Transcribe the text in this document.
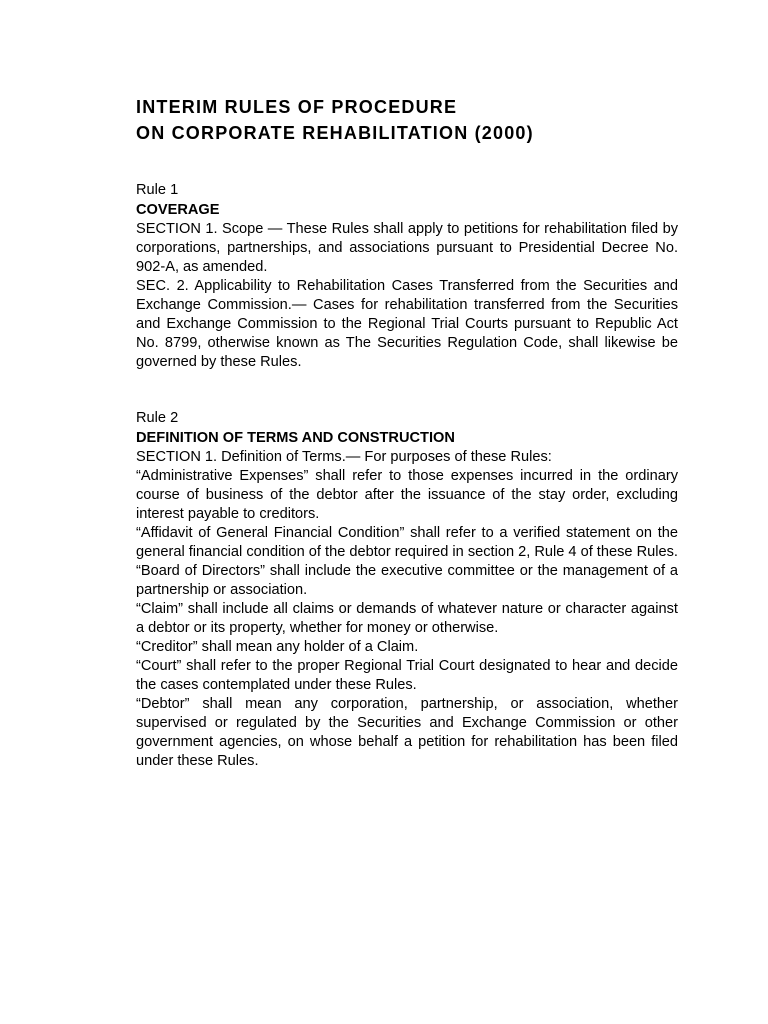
INTERIM RULES OF PROCEDURE
ON CORPORATE REHABILITATION (2000)
Rule 1
COVERAGE

SECTION 1. Scope — These Rules shall apply to petitions for rehabilitation filed by corporations, partnerships, and associations pursuant to Presidential Decree No. 902-A, as amended.

SEC. 2. Applicability to Rehabilitation Cases Transferred from the Securities and Exchange Commission.— Cases for rehabilitation transferred from the Securities and Exchange Commission to the Regional Trial Courts pursuant to Republic Act No. 8799, otherwise known as The Securities Regulation Code, shall likewise be governed by these Rules.

Rule 2
DEFINITION OF TERMS AND CONSTRUCTION

SECTION 1. Definition of Terms.— For purposes of these Rules:

“Administrative Expenses” shall refer to those expenses incurred in the ordinary course of business of the debtor after the issuance of the stay order, excluding interest payable to creditors.

“Affidavit of General Financial Condition” shall refer to a verified statement on the general financial condition of the debtor required in section 2, Rule 4 of these Rules.

“Board of Directors” shall include the executive committee or the management of a partnership or association.

“Claim” shall include all claims or demands of whatever nature or character against a debtor or its property, whether for money or otherwise.

“Creditor” shall mean any holder of a Claim.

“Court” shall refer to the proper Regional Trial Court designated to hear and decide the cases contemplated under these Rules.

“Debtor” shall mean any corporation, partnership, or association, whether supervised or regulated by the Securities and Exchange Commission or other government agencies, on whose behalf a petition for rehabilitation has been filed under these Rules.
